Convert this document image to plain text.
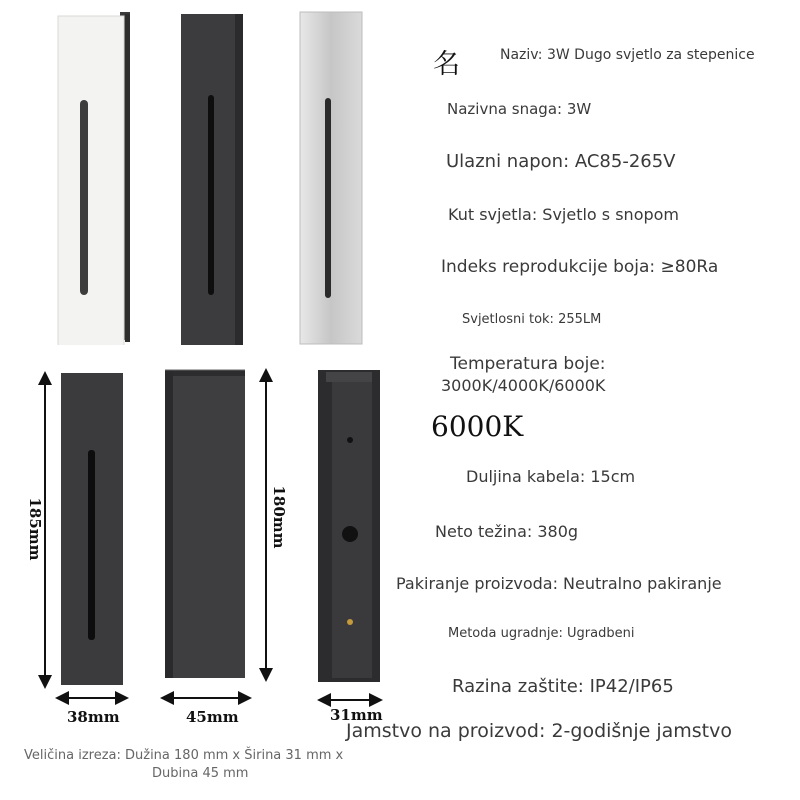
185mm
38mm
180mm
45mm	31mm
Veličina izreza: Dužina 180 mm x Širina 31 mm x
Dubina 45 mm
名	Naziv: 3W Dugo svjetlo za stepenice
Nazivna snaga: 3W
Ulazni napon: AC85-265V
Kut svjetla: Svjetlo s snopom
Indeks reprodukcije boja: ≥80Ra
Svjetlosni tok: 255LM
Temperatura boje:
3000K/4000K/6000K
6000K
Duljina kabela: 15cm
Neto težina: 380g
Pakiranje proizvoda: Neutralno pakiranje
Metoda ugradnje: Ugradbeni
Razina zaštite: IP42/IP65
Jamstvo na proizvod: 2-godišnje jamstvo
